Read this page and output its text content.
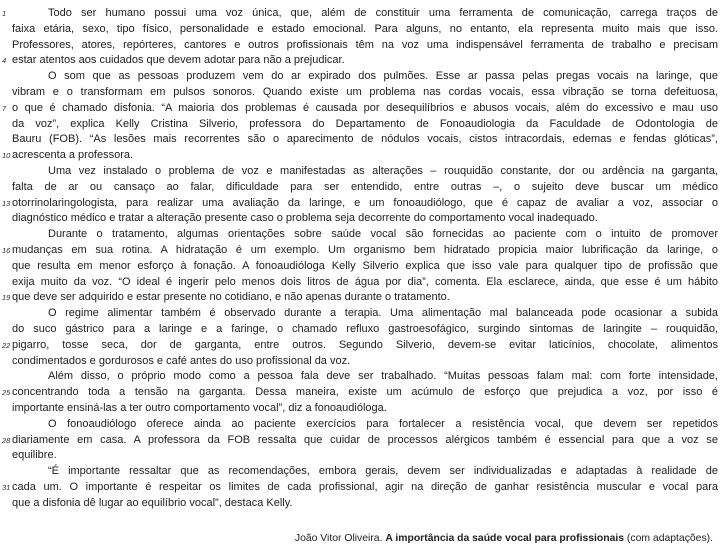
1	Todo ser humano possui uma voz única, que, além de constituir uma ferramenta de comunicação, carrega traços de
faixa etária, sexo, tipo físico, personalidade e estado emocional. Para alguns, no entanto, ela representa muito mais que isso.
Professores, atores, repórteres, cantores e outros profissionais têm na voz uma indispensável ferramenta de trabalho e precisam
4 estar atentos aos cuidados que devem adotar para não a prejudicar.
O som que as pessoas produzem vem do ar expirado dos pulmões. Esse ar passa pelas pregas vocais na laringe, que
vibram e o transformam em pulsos sonoros. Quando existe um problema nas cordas vocais, essa vibração se torna defeituosa,
7 o que é chamado disfonia. “A maioria dos problemas é causada por desequilíbrios e abusos vocais, além do excessivo e mau uso
da voz”, explica Kelly Cristina Silverio, professora do Departamento de Fonoaudiologia da Faculdade de Odontologia de
Bauru (FOB). “As lesões mais recorrentes são o aparecimento de nódulos vocais, cistos intracordais, edemas e fendas glóticas”,
10 acrescenta a professora.
Uma vez instalado o problema de voz e manifestadas as alterações – rouquidão constante, dor ou ardência na garganta,
falta de ar ou cansaço ao falar, dificuldade para ser entendido, entre outras –, o sujeito deve buscar um médico
13 otorrinolaringologista, para realizar uma avaliação da laringe, e um fonoaudiólogo, que é capaz de avaliar a voz, associar o
diagnóstico médico e tratar a alteração presente caso o problema seja decorrente do comportamento vocal inadequado.
Durante o tratamento, algumas orientações sobre saúde vocal são fornecidas ao paciente com o intuito de promover
16 mudanças em sua rotina. A hidratação é um exemplo. Um organismo bem hidratado propicia maior lubrificação da laringe, o
que resulta em menor esforço à fonação. A fonoaudióloga Kelly Silverio explica que isso vale para qualquer tipo de profissão que
exija muito da voz. “O ideal é ingerir pelo menos dois litros de água por dia”, comenta. Ela esclarece, ainda, que esse é um hábito
19 que deve ser adquirido e estar presente no cotidiano, e não apenas durante o tratamento.
O regime alimentar também é observado durante a terapia. Uma alimentação mal balanceada pode ocasionar a subida
do suco gástrico para a laringe e a faringe, o chamado refluxo gastroesofágico, surgindo sintomas de laringite – rouquidão,
22 pigarro, tosse seca, dor de garganta, entre outros. Segundo Silverio, devem-se evitar laticínios, chocolate, alimentos
condimentados e gordurosos e café antes do uso profissional da voz.
Além disso, o próprio modo como a pessoa fala deve ser trabalhado. “Muitas pessoas falam mal: com forte intensidade,
25 concentrando toda a tensão na garganta. Dessa maneira, existe um acúmulo de esforço que prejudica a voz, por isso é
importante ensiná-las a ter outro comportamento vocal”, diz a fonoaudióloga.
O fonoaudiólogo oferece ainda ao paciente exercícios para fortalecer a resistência vocal, que devem ser repetidos
28 diariamente em casa. A professora da FOB ressalta que cuidar de processos alérgicos também é essencial para que a voz se
equilibre.
“É importante ressaltar que as recomendações, embora gerais, devem ser individualizadas e adaptadas à realidade de
31 cada um. O importante é respeitar os limites de cada profissional, agir na direção de ganhar resistência muscular e vocal para
que a disfonia dê lugar ao equilíbrio vocal”, destaca Kelly.
João Vitor Oliveira. A importância da saúde vocal para profissionais (com adaptações).
